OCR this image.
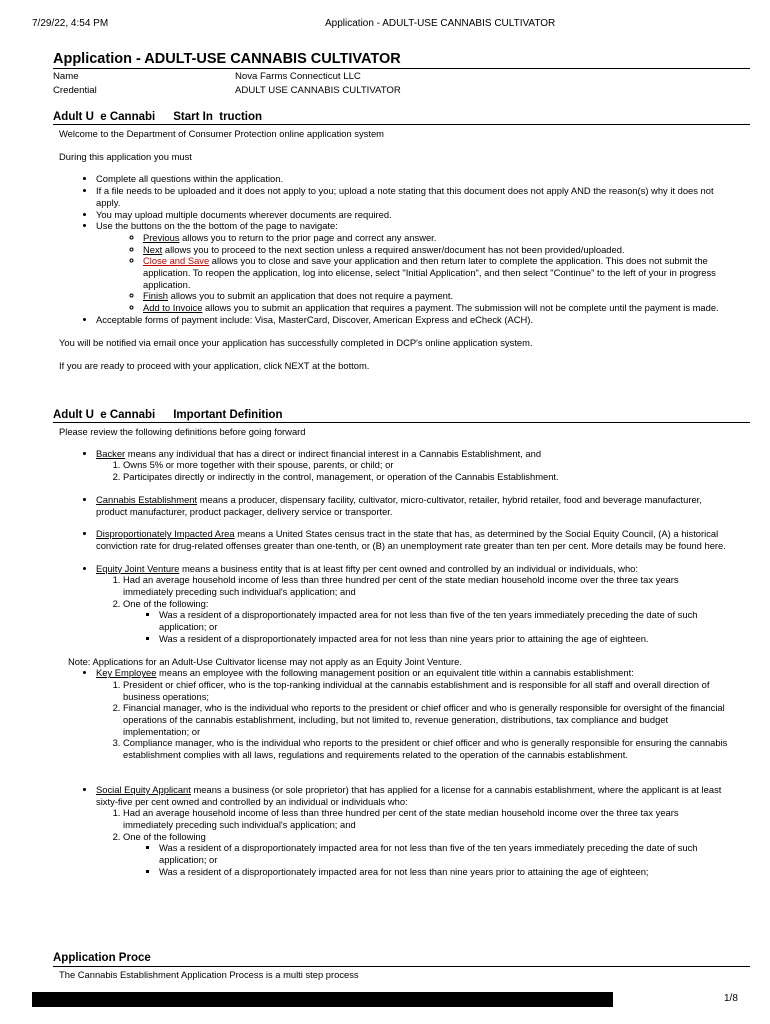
7/29/22, 4:54 PM	Application - ADULT-USE CANNABIS CULTIVATOR
Application - ADULT-USE CANNABIS CULTIVATOR
Name	Nova Farms Connecticut LLC
Credential	ADULT USE CANNABIS CULTIVATOR
Adult U  e Cannabi Start In  truction

Welcome to the Department of Consumer Protection online application system

During this application you must

• Complete all questions within the application.
• If a file needs to be uploaded and it does not apply to you; upload a note stating that this document does not apply AND the reason(s) why it does not apply.
• You may upload multiple documents wherever documents are required.
• Use the buttons on the the bottom of the page to navigate:
◦ Previous allows you to return to the prior page and correct any answer.
◦ Next allows you to proceed to the next section unless a required answer/document has not been provided/uploaded.
◦ Close and Save allows you to close and save your application and then return later to complete the application. This does not submit the application. To reopen the application, log into elicense, select "Initial Application", and then select "Continue" to the left of your in progress application.
◦ Finish allows you to submit an application that does not require a payment.
◦ Add to Invoice allows you to submit an application that requires a payment. The submission will not be complete until the payment is made.
• Acceptable forms of payment include: Visa, MasterCard, Discover, American Express and eCheck (ACH).

You will be notified via email once your application has successfully completed in DCP's online application system.

If you are ready to proceed with your application, click NEXT at the bottom.

Adult U  e Cannabi Important Definition

Please review the following definitions before going forward

• Backer means any individual that has a direct or indirect financial interest in a Cannabis Establishment, and
1. Owns 5% or more together with their spouse, parents, or child; or
2. Participates directly or indirectly in the control, management, or operation of the Cannabis Establishment.
• Cannabis Establishment means a producer, dispensary facility, cultivator, micro-cultivator, retailer, hybrid retailer, food and beverage manufacturer, product manufacturer, product packager, delivery service or transporter.
• Disproportionately Impacted Area means a United States census tract in the state that has, as determined by the Social Equity Council, (A) a historical conviction rate for drug-related offenses greater than one-tenth, or (B) an unemployment rate greater than ten per cent. More details may be found here.
• Equity Joint Venture means a business entity that is at least fifty per cent owned and controlled by an individual or individuals, who:
1. Had an average household income of less than three hundred per cent of the state median household income over the three tax years immediately preceding such individual's application; and
2. One of the following:
▪ Was a resident of a disproportionately impacted area for not less than five of the ten years immediately preceding the date of such application; or
▪ Was a resident of a disproportionately impacted area for not less than nine years prior to attaining the age of eighteen.

Note: Applications for an Adult-Use Cultivator license may not apply as an Equity Joint Venture.

• Key Employee means an employee with the following management position or an equivalent title within a cannabis establishment:
1. President or chief officer, who is the top-ranking individual at the cannabis establishment and is responsible for all staff and overall direction of business operations;
2. Financial manager, who is the individual who reports to the president or chief officer and who is generally responsible for oversight of the financial operations of the cannabis establishment, including, but not limited to, revenue generation, distributions, tax compliance and budget implementation; or
3. Compliance manager, who is the individual who reports to the president or chief officer and who is generally responsible for ensuring the cannabis establishment complies with all laws, regulations and requirements related to the operation of the cannabis establishment.
• Social Equity Applicant means a business (or sole proprietor) that has applied for a license for a cannabis establishment, where the applicant is at least sixty-five per cent owned and controlled by an individual or individuals who:
1. Had an average household income of less than three hundred per cent of the state median household income over the three tax years immediately preceding such individual's application; and
2. One of the following
▪ Was a resident of a disproportionately impacted area for not less than five of the ten years immediately preceding the date of such application; or
▪ Was a resident of a disproportionately impacted area for not less than nine years prior to attaining the age of eighteen;
Application Proce
The Cannabis Establishment Application Process is a multi step process
1/8
